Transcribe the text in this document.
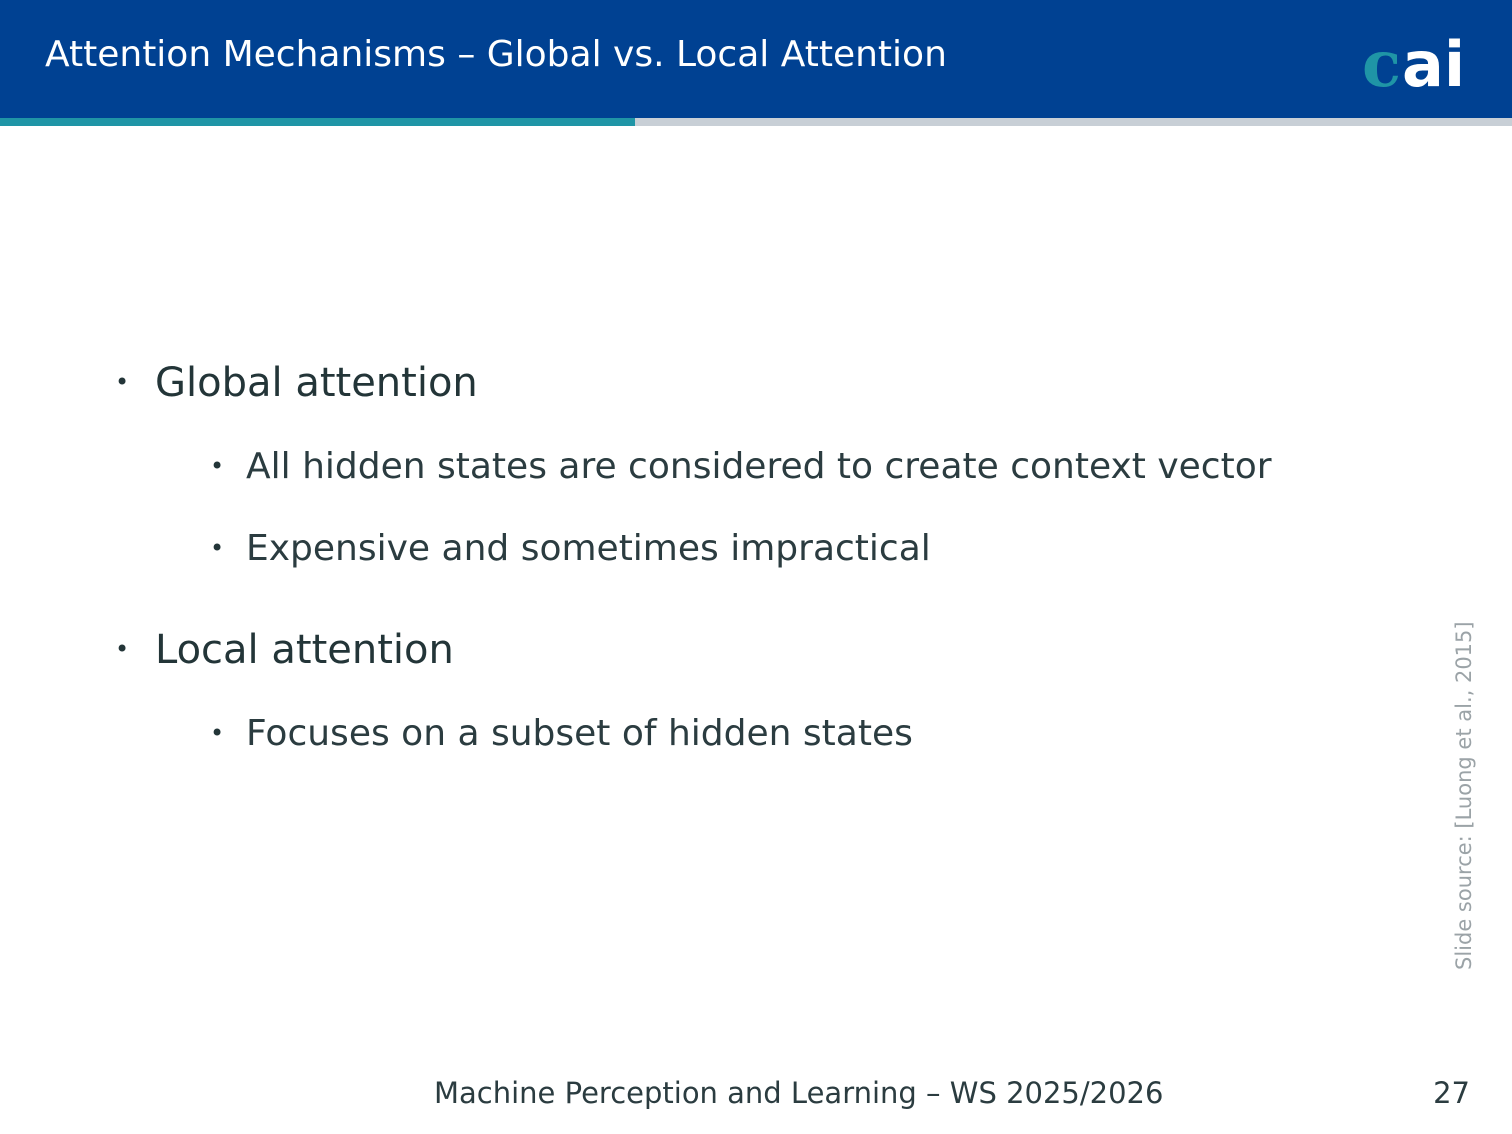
Attention Mechanisms – Global vs. Local Attention	c ai
• Global attention
• All hidden states are considered to create context vector
• Expensive and sometimes impractical
• Local attention
• Focuses on a subset of hidden states	Slide source: [Luong et al., 2015]
Machine Perception and Learning – WS 2025/2026	27
